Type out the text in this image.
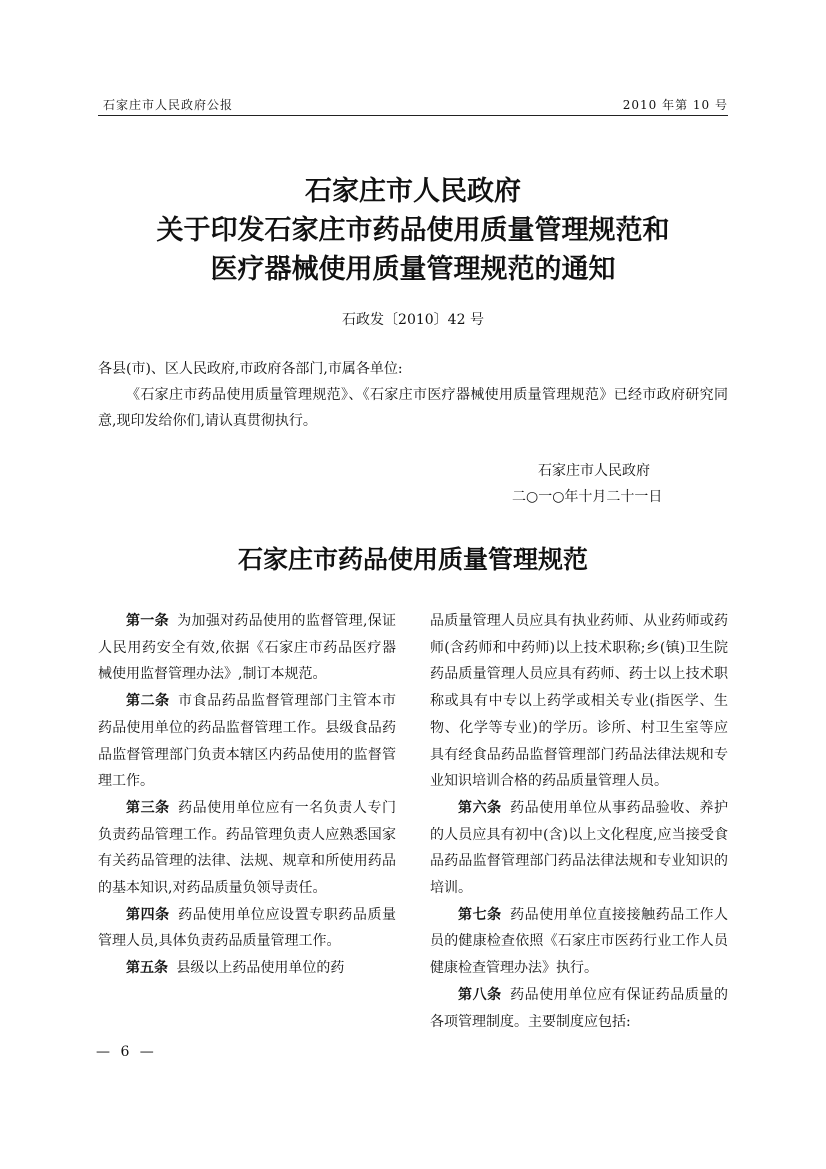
石家庄市人民政府公报	2010 年第 10 号
石家庄市人民政府
关于印发石家庄市药品使用质量管理规范和
医疗器械使用质量管理规范的通知
石政发〔2010〕42 号
各县(市)、区人民政府,市政府各部门,市属各单位:
《石家庄市药品使用质量管理规范》、《石家庄市医疗器械使用质量管理规范》已经市政府研究同意,现印发给你们,请认真贯彻执行。
石家庄市人民政府
二○一○年十月二十一日
石家庄市药品使用质量管理规范

第一条 为加强对药品使用的监督管理,保证人民用药安全有效,依据《石家庄市药品医疗器械使用监督管理办法》,制订本规范。

第二条 市食品药品监督管理部门主管本市药品使用单位的药品监督管理工作。县级食品药品监督管理部门负责本辖区内药品使用的监督管理工作。

第三条 药品使用单位应有一名负责人专门负责药品管理工作。药品管理负责人应熟悉国家有关药品管理的法律、法规、规章和所使用药品的基本知识,对药品质量负领导责任。

第四条 药品使用单位应设置专职药品质量管理人员,具体负责药品质量管理工作。

第五条 县级以上药品使用单位的药

品质量管理人员应具有执业药师、从业药师或药师(含药师和中药师)以上技术职称;乡(镇)卫生院药品质量管理人员应具有药师、药士以上技术职称或具有中专以上药学或相关专业(指医学、生物、化学等专业)的学历。诊所、村卫生室等应具有经食品药品监督管理部门药品法律法规和专业知识培训合格的药品质量管理人员。

第六条 药品使用单位从事药品验收、养护的人员应具有初中(含)以上文化程度,应当接受食品药品监督管理部门药品法律法规和专业知识的培训。

第七条 药品使用单位直接接触药品工作人员的健康检查依照《石家庄市医药行业工作人员健康检查管理办法》执行。

第八条 药品使用单位应有保证药品质量的各项管理制度。主要制度应包括:

— 6 —
